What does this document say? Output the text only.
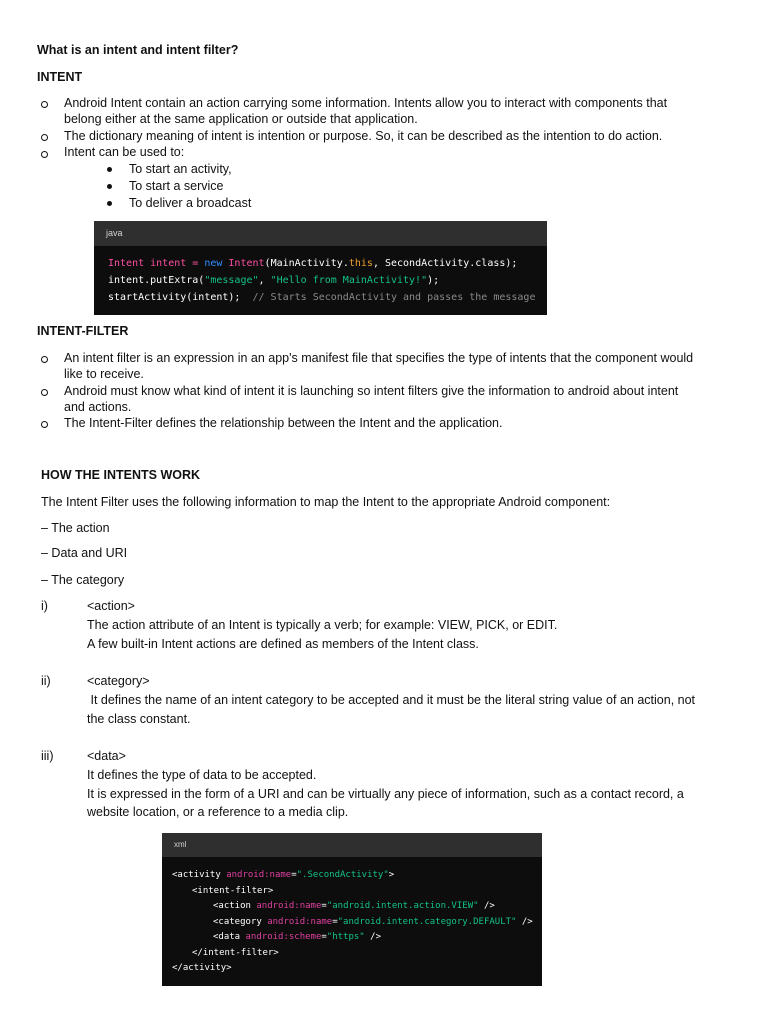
What is an intent and intent filter?
INTENT
Android Intent contain an action carrying some information. Intents allow you to interact with components that
belong either at the same application or outside that application.
The dictionary meaning of intent is intention or purpose. So, it can be described as the intention to do action.
Intent can be used to:
To start an activity,
To start a service
To deliver a broadcast
java
Intent intent = new Intent(MainActivity.this, SecondActivity.class);
intent.putExtra("message", "Hello from MainActivity!");
startActivity(intent);  // Starts SecondActivity and passes the message
INTENT-FILTER
An intent filter is an expression in an app's manifest file that specifies the type of intents that the component would
like to receive.
Android must know what kind of intent it is launching so intent filters give the information to android about intent
and actions.
The Intent-Filter defines the relationship between the Intent and the application.
HOW THE INTENTS WORK
The Intent Filter uses the following information to map the Intent to the appropriate Android component:
– The action
– Data and URI
– The category
i)	<action>
The action attribute of an Intent is typically a verb; for example: VIEW, PICK, or EDIT.
A few built-in Intent actions are defined as members of the Intent class.
ii)	<category>
It defines the name of an intent category to be accepted and it must be the literal string value of an action, not
the class constant.
iii)	<data>
It defines the type of data to be accepted.
It is expressed in the form of a URI and can be virtually any piece of information, such as a contact record, a
website location, or a reference to a media clip.
xml
<activity android:name=".SecondActivity">
<intent-filter>
<action android:name="android.intent.action.VIEW" />
<category android:name="android.intent.category.DEFAULT" />
<data android:scheme="https" />
</intent-filter>
</activity>
